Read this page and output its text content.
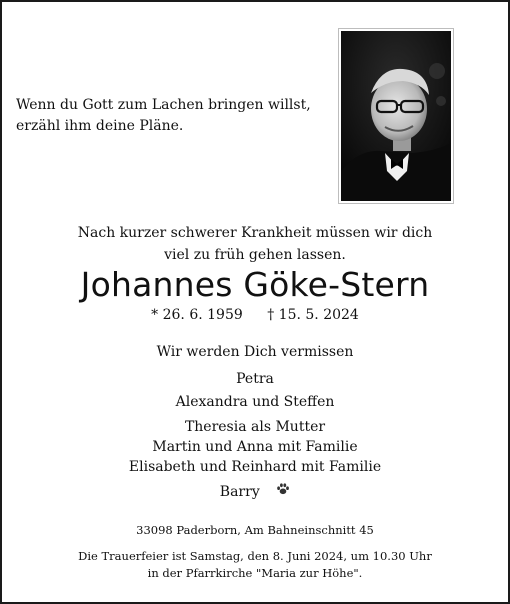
Wenn du Gott zum Lachen bringen willst,
erzähl ihm deine Pläne.
Nach kurzer schwerer Krankheit müssen wir dich
viel zu früh gehen lassen.
Johannes Göke-Stern
* 26. 6. 1959 † 15. 5. 2024
Wir werden Dich vermissen
Petra
Alexandra und Steffen
Theresia als Mutter
Martin und Anna mit Familie
Elisabeth und Reinhard mit Familie
Barry
33098 Paderborn, Am Bahneinschnitt 45
Die Trauerfeier ist Samstag, den 8. Juni 2024, um 10.30 Uhr
in der Pfarrkirche "Maria zur Höhe".
